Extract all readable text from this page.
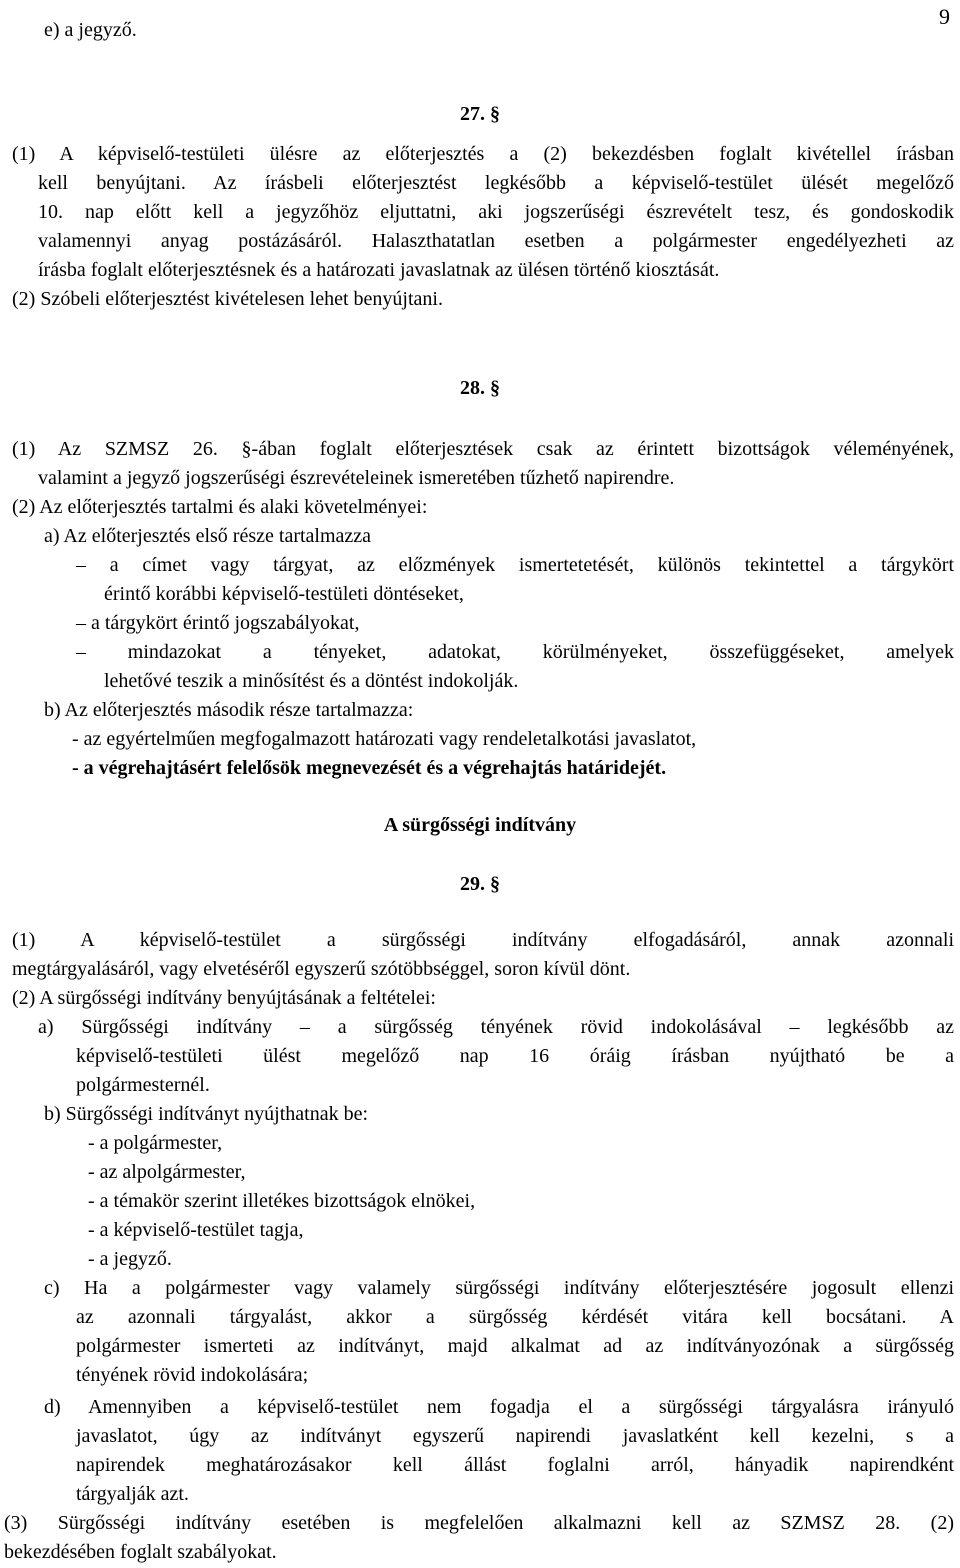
9
e) a jegyző.
27. §
(1) A képviselő-testületi ülésre az előterjesztés a (2) bekezdésben foglalt kivétellel írásban
kell benyújtani. Az írásbeli előterjesztést legkésőbb a képviselő-testület ülését megelőző
10. nap előtt kell a jegyzőhöz eljuttatni, aki jogszerűségi észrevételt tesz, és gondoskodik
valamennyi anyag postázásáról. Halaszthatatlan esetben a polgármester engedélyezheti az
írásba foglalt előterjesztésnek és a határozati javaslatnak az ülésen történő kiosztását.
(2) Szóbeli előterjesztést kivételesen lehet benyújtani.
28. §
(1) Az SZMSZ 26. §-ában foglalt előterjesztések csak az érintett bizottságok véleményének,
valamint a jegyző jogszerűségi észrevételeinek ismeretében tűzhető napirendre.
(2) Az előterjesztés tartalmi és alaki követelményei:
a) Az előterjesztés első része tartalmazza
– a címet vagy tárgyat, az előzmények ismertetetését, különös tekintettel a tárgykört
érintő korábbi képviselő-testületi döntéseket,
– a tárgykört érintő jogszabályokat,
– mindazokat a tényeket, adatokat, körülményeket, összefüggéseket, amelyek
lehetővé teszik a minősítést és a döntést indokolják.
b) Az előterjesztés második része tartalmazza:
- az egyértelműen megfogalmazott határozati vagy rendeletalkotási javaslatot,
- a végrehajtásért felelősök megnevezését és a végrehajtás határidejét.
A sürgősségi indítvány
29. §
(1) A képviselő-testület a sürgősségi indítvány elfogadásáról, annak azonnali
megtárgyalásáról, vagy elvetéséről egyszerű szótöbbséggel, soron kívül dönt.
(2) A sürgősségi indítvány benyújtásának a feltételei:
a) Sürgősségi indítvány – a sürgősség tényének rövid indokolásával – legkésőbb az
képviselő-testületi ülést megelőző nap 16 óráig írásban nyújtható be a
polgármesternél.
b) Sürgősségi indítványt nyújthatnak be:
- a polgármester,
- az alpolgármester,
- a témakör szerint illetékes bizottságok elnökei,
- a képviselő-testület tagja,
- a jegyző.
c) Ha a polgármester vagy valamely sürgősségi indítvány előterjesztésére jogosult ellenzi
az azonnali tárgyalást, akkor a sürgősség kérdését vitára kell bocsátani. A
polgármester ismerteti az indítványt, majd alkalmat ad az indítványozónak a sürgősség
tényének rövid indokolására;
d) Amennyiben a képviselő-testület nem fogadja el a sürgősségi tárgyalásra irányuló
javaslatot, úgy az indítványt egyszerű napirendi javaslatként kell kezelni, s a
napirendek meghatározásakor kell állást foglalni arról, hányadik napirendként
tárgyalják azt.
(3) Sürgősségi indítvány esetében is megfelelően alkalmazni kell az SZMSZ 28. (2)
bekezdésében foglalt szabályokat.
